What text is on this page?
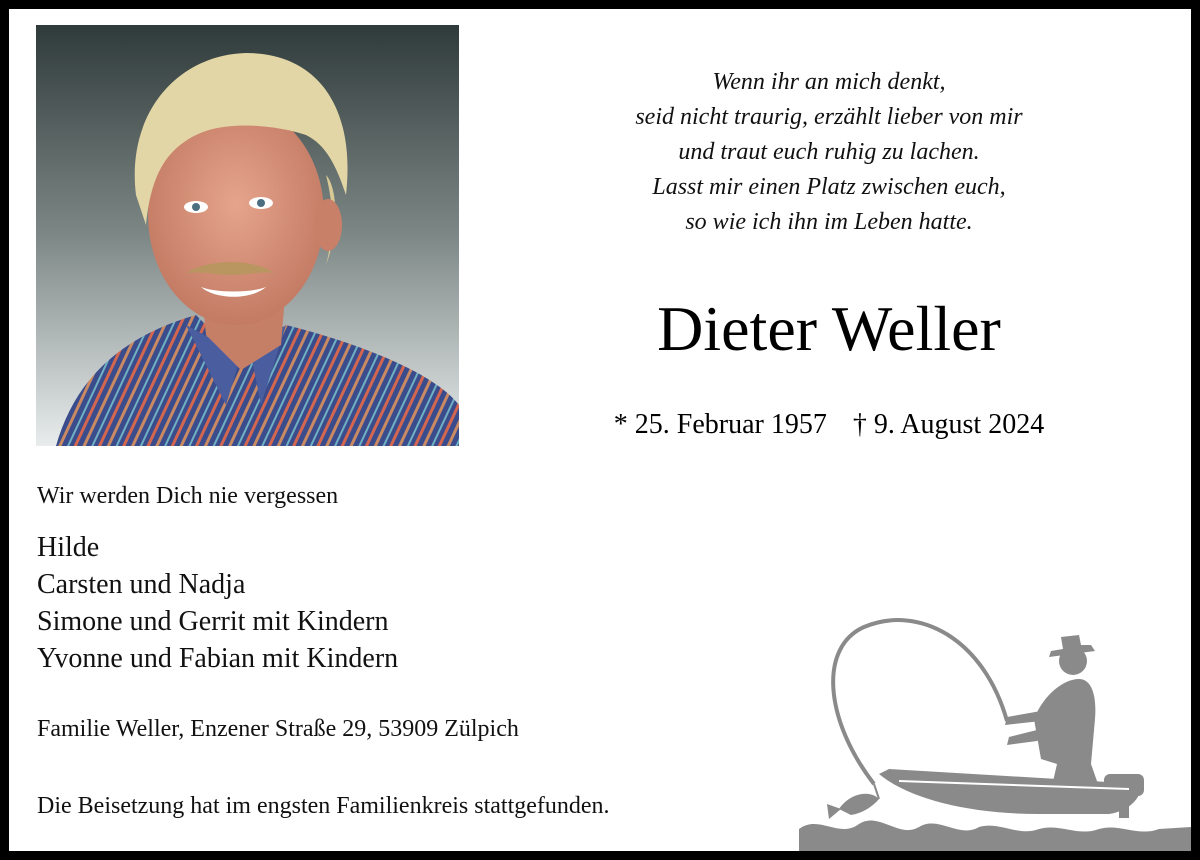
Wenn ihr an mich denkt,
seid nicht traurig, erzählt lieber von mir
und traut euch ruhig zu lachen.
Lasst mir einen Platz zwischen euch,
so wie ich ihn im Leben hatte.
Dieter Weller
* 25. Februar 1957 † 9. August 2024
Wir werden Dich nie vergessen
Hilde
Carsten und Nadja
Simone und Gerrit mit Kindern
Yvonne und Fabian mit Kindern
Familie Weller, Enzener Straße 29, 53909 Zülpich
Die Beisetzung hat im engsten Familienkreis stattgefunden.
